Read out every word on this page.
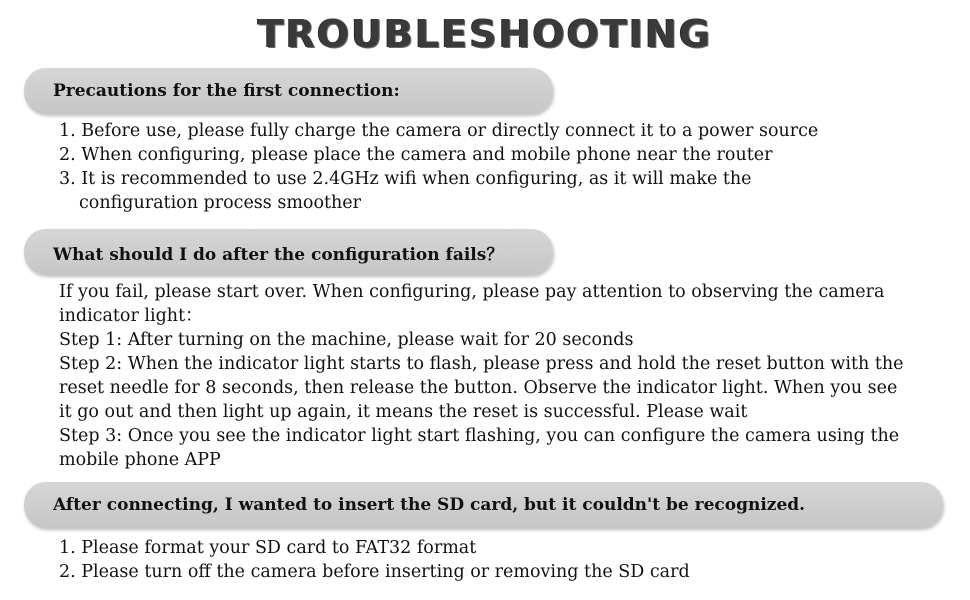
TROUBLESHOOTING
Precautions for the first connection:
1. Before use, please fully charge the camera or directly connect it to a power source
2. When configuring, please place the camera and mobile phone near the router
3. It is recommended to use 2.4GHz wifi when configuring, as it will make the
configuration process smoother
What should I do after the configuration fails？
If you fail, please start over. When configuring, please pay attention to observing the camera
indicator light：
Step 1: After turning on the machine, please wait for 20 seconds
Step 2: When the indicator light starts to flash, please press and hold the reset button with the
reset needle for 8 seconds, then release the button. Observe the indicator light. When you see
it go out and then light up again, it means the reset is successful. Please wait
Step 3: Once you see the indicator light start flashing, you can configure the camera using the
mobile phone APP
After connecting, I wanted to insert the SD card, but it couldn't be recognized.
1. Please format your SD card to FAT32 format
2. Please turn off the camera before inserting or removing the SD card
